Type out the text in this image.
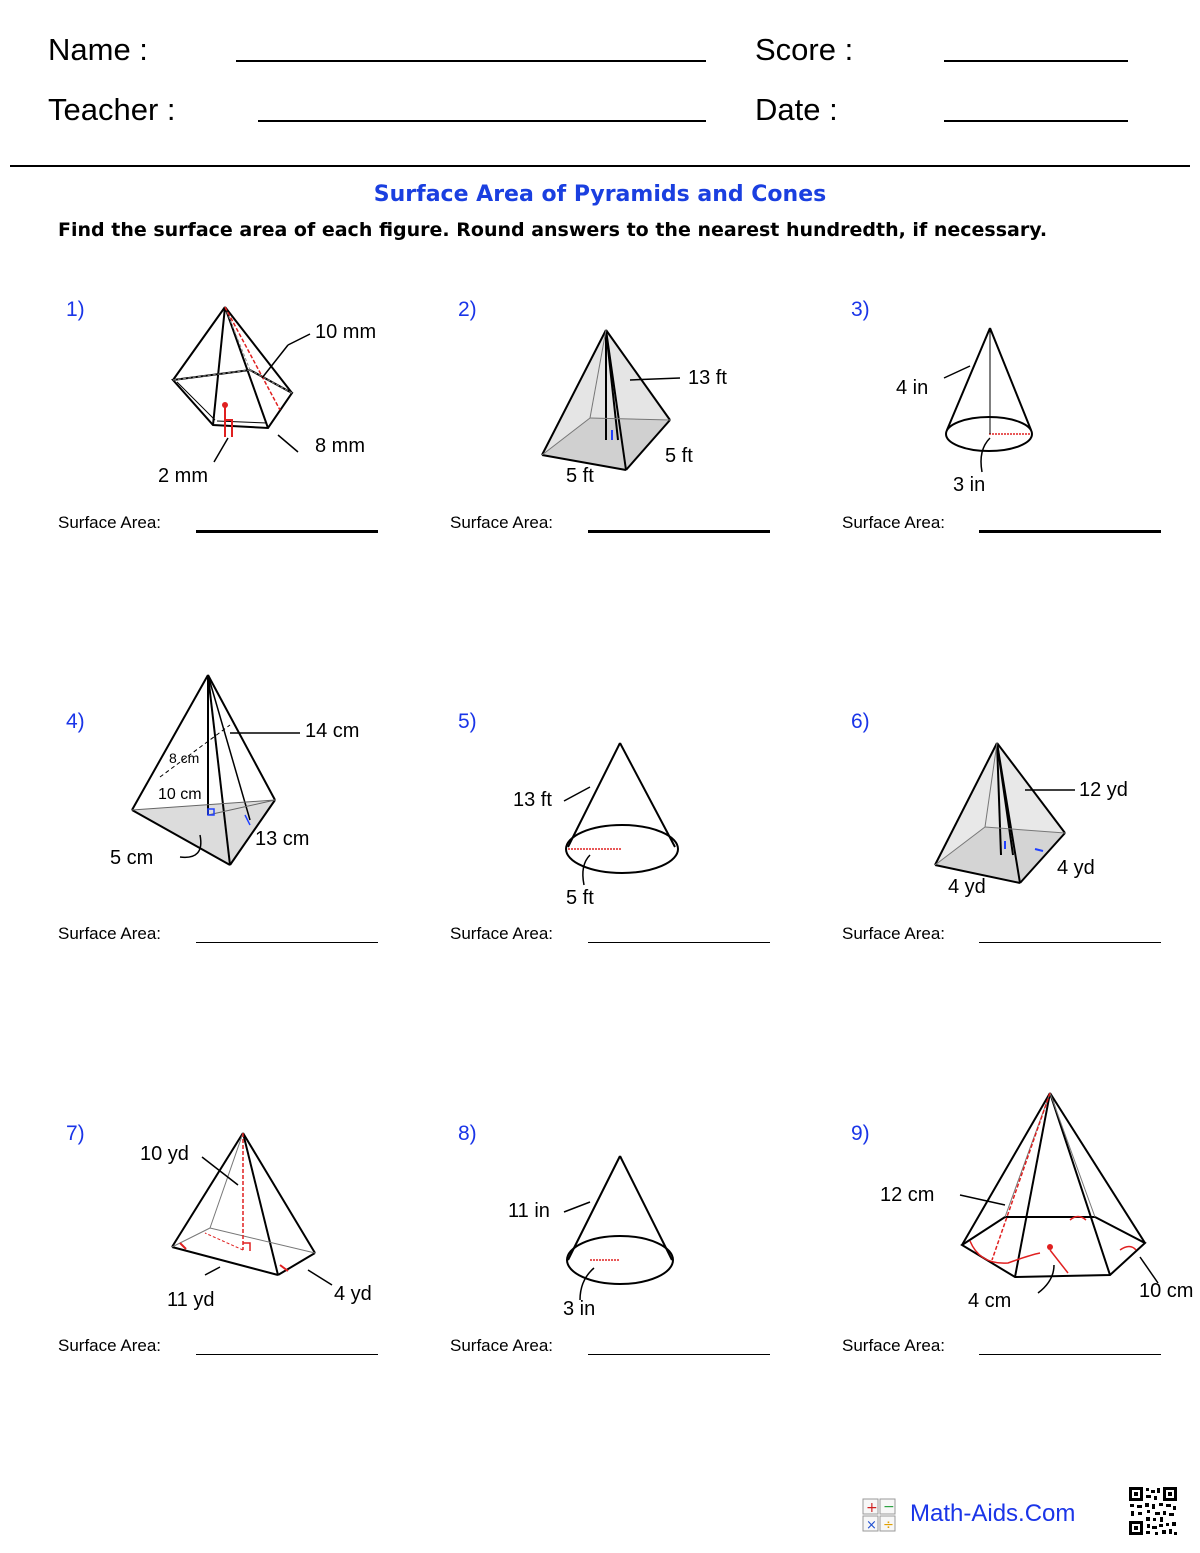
Name :	Score :
Teacher :	Date :
Surface Area of Pyramids and Cones
Find the surface area of each figure. Round answers to the nearest hundredth, if necessary.
1)
10 mm
8 mm
2 mm
Surface Area:
2)
13 ft
5 ft
5 ft
Surface Area:
3)
4 in
3 in
Surface Area:
4)	14 cm
8 cm
10 cm
13 cm
5 cm
Surface Area:
5)
13 ft
5 ft
Surface Area:
6)
12 yd
4 yd
4 yd
Surface Area:
7)
10 yd
11 yd	4 yd
Surface Area:
8)
11 in
3 in
Surface Area:
9)
12 cm
4 cm	10 cm
Surface Area:
+ −
× ÷ Math-Aids.Com
